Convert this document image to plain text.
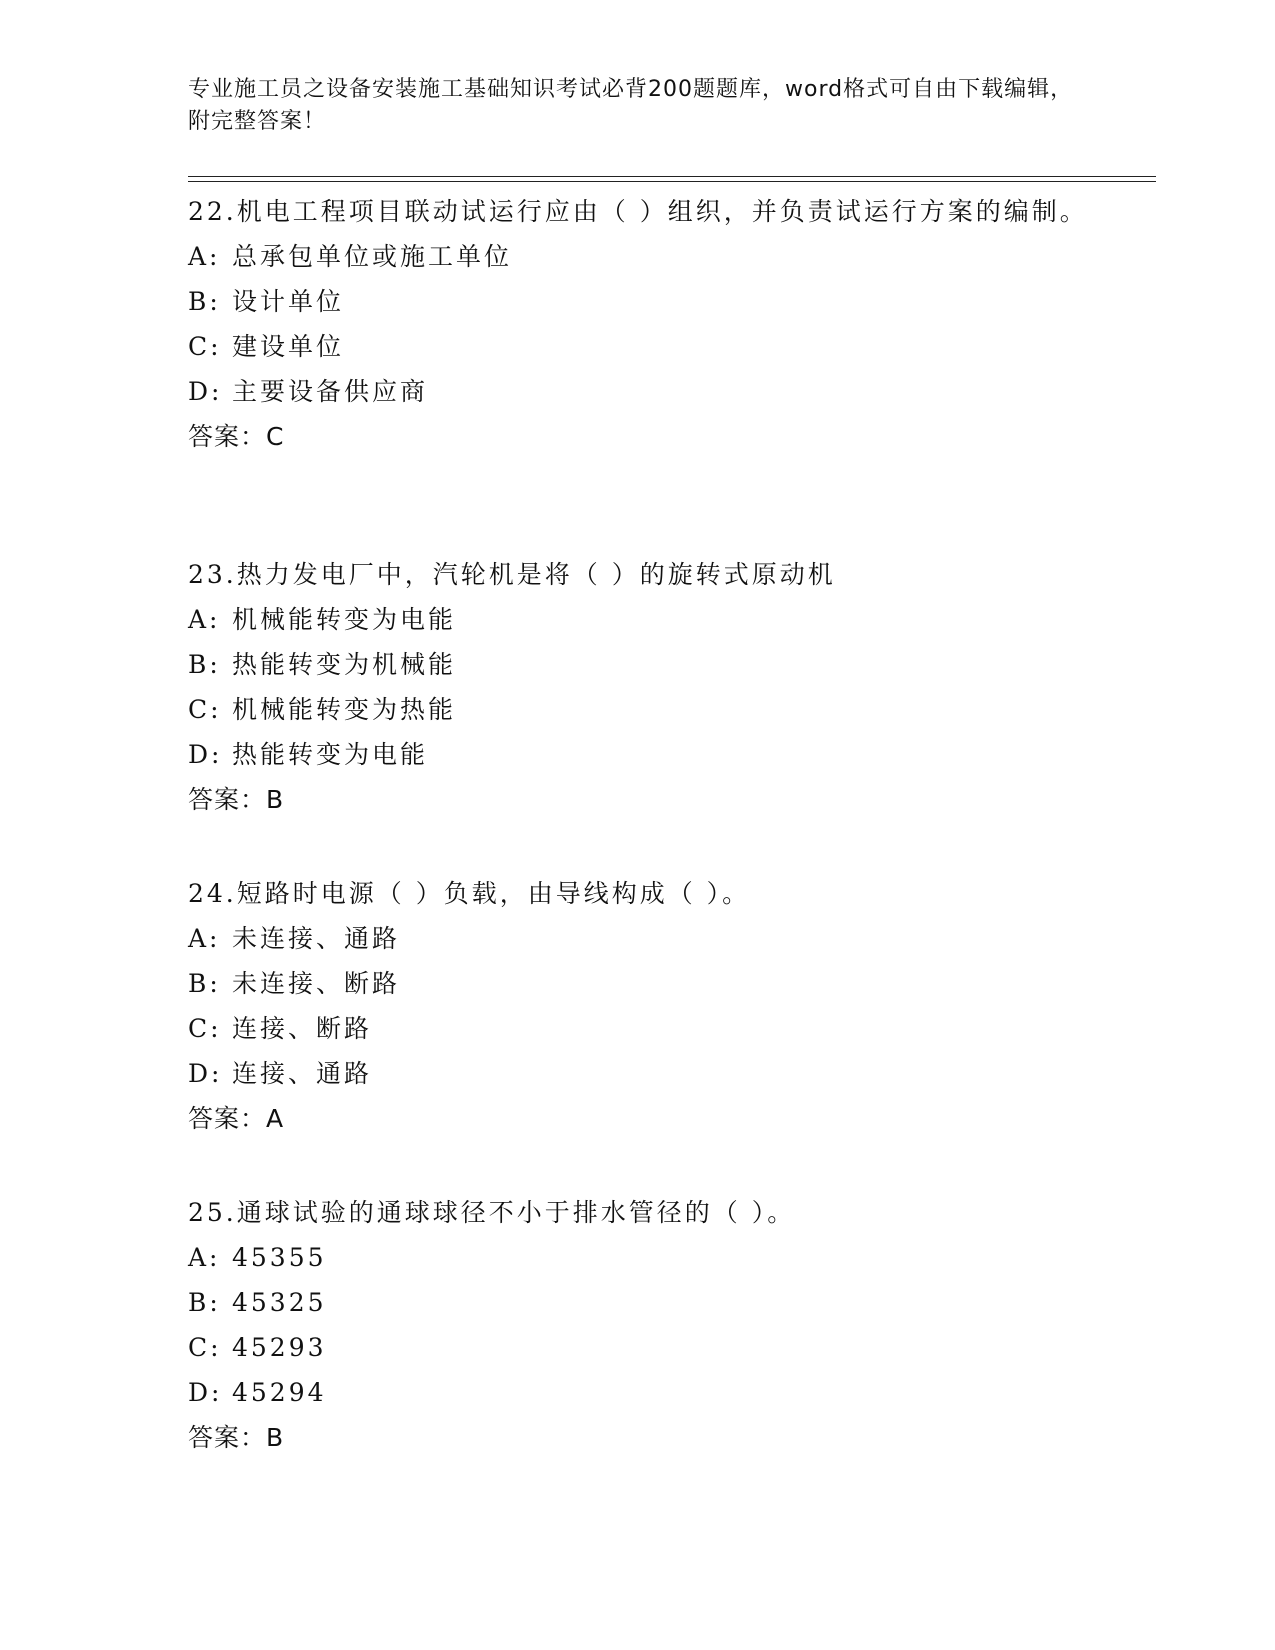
专业施工员之设备安装施工基础知识考试必背200题题库，word格式可自由下载编辑，附完整答案！

22.机电工程项目联动试运行应由（ ）组织，并负责试运行方案的编制。

A: 总承包单位或施工单位
B: 设计单位
C: 建设单位
D: 主要设备供应商
答案：C

23.热力发电厂中，汽轮机是将（ ）的旋转式原动机

A: 机械能转变为电能
B: 热能转变为机械能
C: 机械能转变为热能
D: 热能转变为电能
答案：B

24.短路时电源（ ）负载，由导线构成（ ）。

A: 未连接、通路
B: 未连接、断路
C: 连接、断路
D: 连接、通路
答案：A

25.通球试验的通球球径不小于排水管径的（ ）。

A: 45355
B: 45325
C: 45293
D: 45294
答案：B
